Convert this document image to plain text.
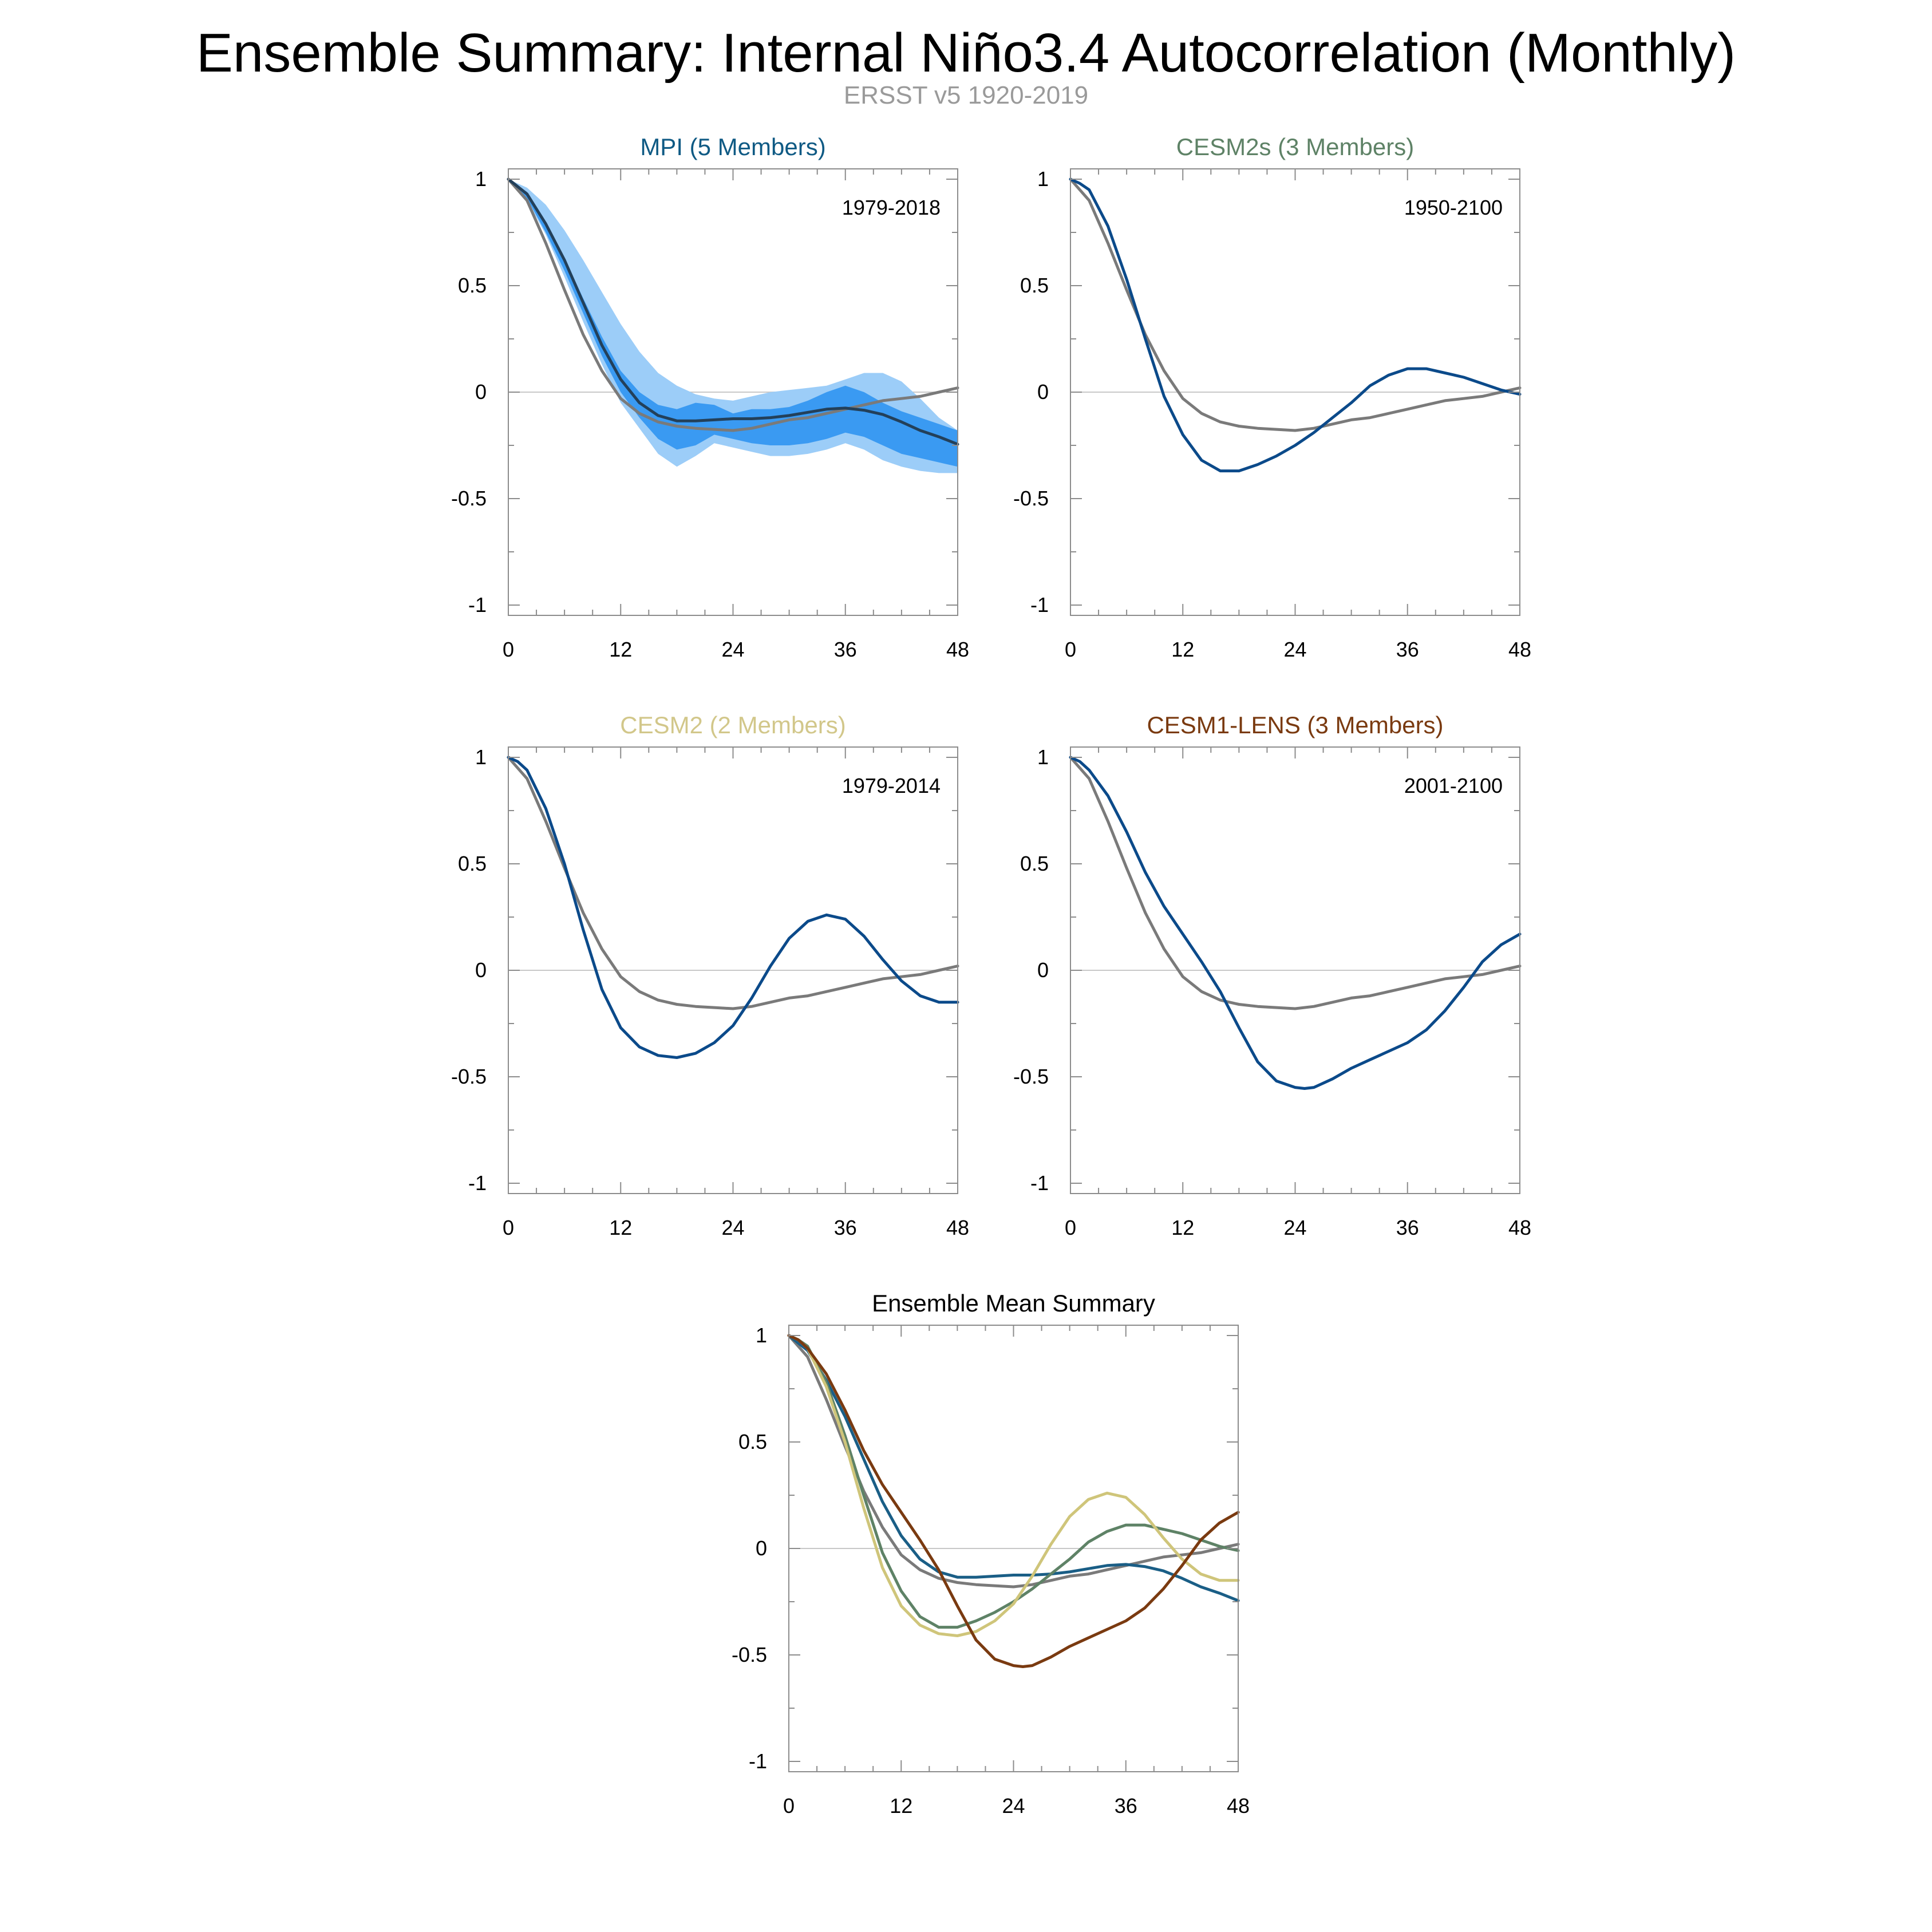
Ensemble Summary: Internal Niño3.4 Autocorrelation (Monthly)
ERSST v5 1920-2019
MPI (5 Members)
0	12	24	36	48
1
0.5
0
-0.5
-1
1979-2018
CESM2s (3 Members)
0	12	24	36	48
1
0.5
0
-0.5
-1
1950-2100
CESM2 (2 Members)
0	12	24	36	48
1
0.5
0
-0.5
-1
1979-2014
CESM1-LENS (3 Members)
0	12	24	36	48
1
0.5
0
-0.5
-1
2001-2100
Ensemble Mean Summary
0	12	24	36	48
1
0.5
0
-0.5
-1
